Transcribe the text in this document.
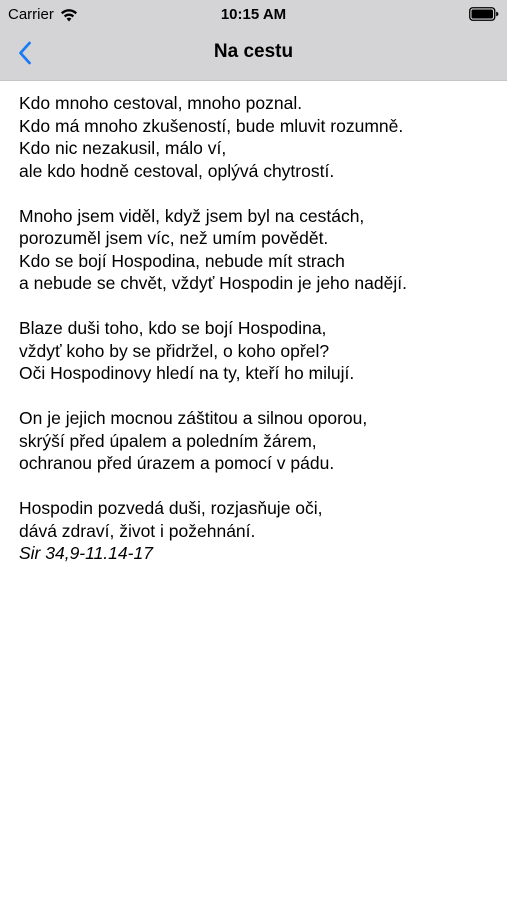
Carrier	10:15 AM
Na cestu
Kdo mnoho cestoval, mnoho poznal.
Kdo má mnoho zkušeností, bude mluvit rozumně.
Kdo nic nezakusil, málo ví,
ale kdo hodně cestoval, oplývá chytrostí.
Mnoho jsem viděl, když jsem byl na cestách,
porozuměl jsem víc, než umím povědět.
Kdo se bojí Hospodina, nebude mít strach
a nebude se chvět, vždyť Hospodin je jeho nadějí.
Blaze duši toho, kdo se bojí Hospodina,
vždyť koho by se přidržel, o koho opřel?
Oči Hospodinovy hledí na ty, kteří ho milují.
On je jejich mocnou záštitou a silnou oporou,
skrýší před úpalem a poledním žárem,
ochranou před úrazem a pomocí v pádu.
Hospodin pozvedá duši, rozjasňuje oči,
dává zdraví, život i požehnání.
Sir 34,9-11.14-17
